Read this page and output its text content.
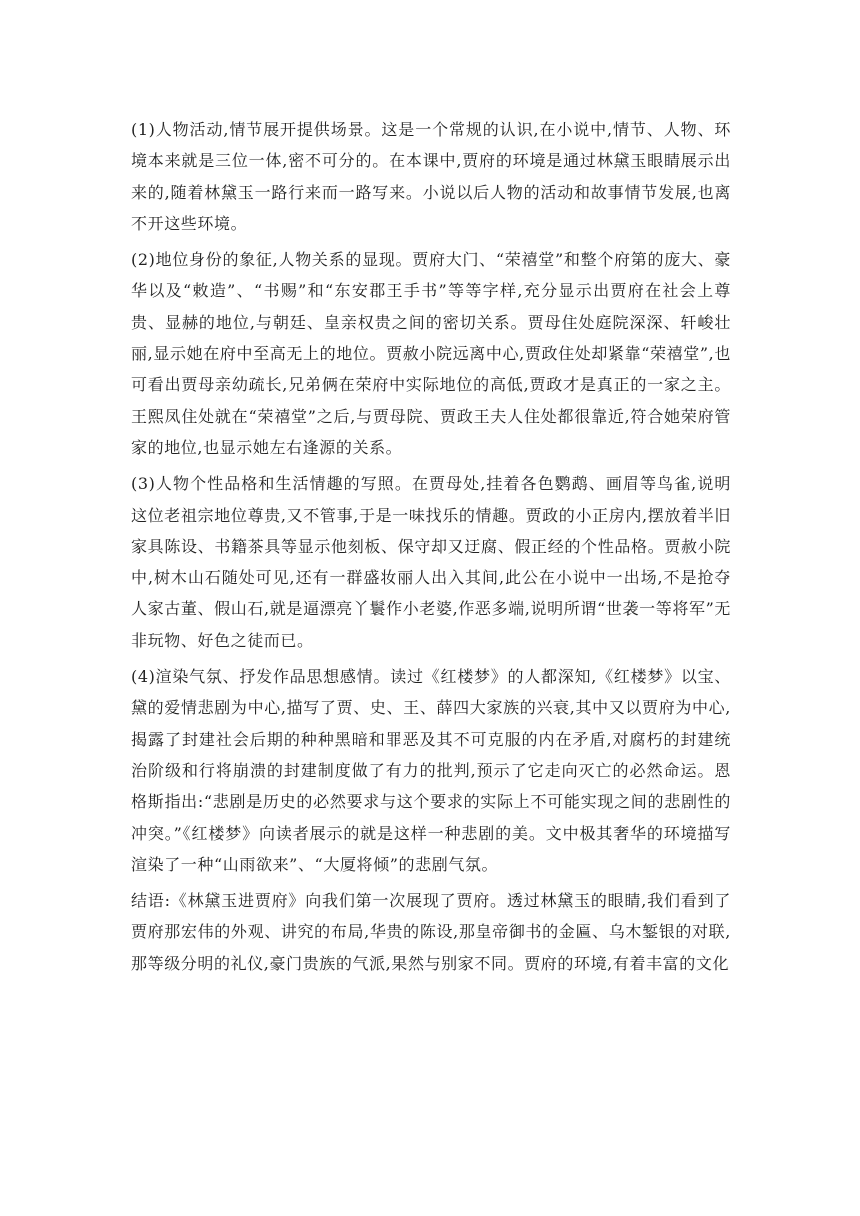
(1)人物活动,情节展开提供场景。这是一个常规的认识,在小说中,情节、人物、环境本来就是三位一体,密不可分的。在本课中,贾府的环境是通过林黛玉眼睛展示出来的,随着林黛玉一路行来而一路写来。小说以后人物的活动和故事情节发展,也离不开这些环境。

(2)地位身份的象征,人物关系的显现。贾府大门、“荣禧堂”和整个府第的庞大、豪华以及“敕造”、“书赐”和“东安郡王手书”等等字样,充分显示出贾府在社会上尊贵、显赫的地位,与朝廷、皇亲权贵之间的密切关系。贾母住处庭院深深、轩峻壮丽,显示她在府中至高无上的地位。贾赦小院远离中心,贾政住处却紧靠“荣禧堂”,也可看出贾母亲幼疏长,兄弟俩在荣府中实际地位的高低,贾政才是真正的一家之主。王熙凤住处就在“荣禧堂”之后,与贾母院、贾政王夫人住处都很靠近,符合她荣府管家的地位,也显示她左右逢源的关系。

(3)人物个性品格和生活情趣的写照。在贾母处,挂着各色鹦鹉、画眉等鸟雀,说明这位老祖宗地位尊贵,又不管事,于是一味找乐的情趣。贾政的小正房内,摆放着半旧家具陈设、书籍茶具等显示他刻板、保守却又迂腐、假正经的个性品格。贾赦小院中,树木山石随处可见,还有一群盛妆丽人出入其间,此公在小说中一出场,不是抢夺人家古董、假山石,就是逼漂亮丫鬟作小老婆,作恶多端,说明所谓“世袭一等将军”无非玩物、好色之徒而已。

(4)渲染气氛、抒发作品思想感情。读过《红楼梦》的人都深知,《红楼梦》以宝、黛的爱情悲剧为中心,描写了贾、史、王、薛四大家族的兴衰,其中又以贾府为中心,揭露了封建社会后期的种种黑暗和罪恶及其不可克服的内在矛盾,对腐朽的封建统治阶级和行将崩溃的封建制度做了有力的批判,预示了它走向灭亡的必然命运。恩格斯指出:“悲剧是历史的必然要求与这个要求的实际上不可能实现之间的悲剧性的冲突。”《红楼梦》向读者展示的就是这样一种悲剧的美。文中极其奢华的环境描写渲染了一种“山雨欲来”、“大厦将倾”的悲剧气氛。

结语:《林黛玉进贾府》向我们第一次展现了贾府。透过林黛玉的眼睛,我们看到了贾府那宏伟的外观、讲究的布局,华贵的陈设,那皇帝御书的金匾、乌木錾银的对联,那等级分明的礼仪,豪门贵族的气派,果然与别家不同。贾府的环境,有着丰富的文化
